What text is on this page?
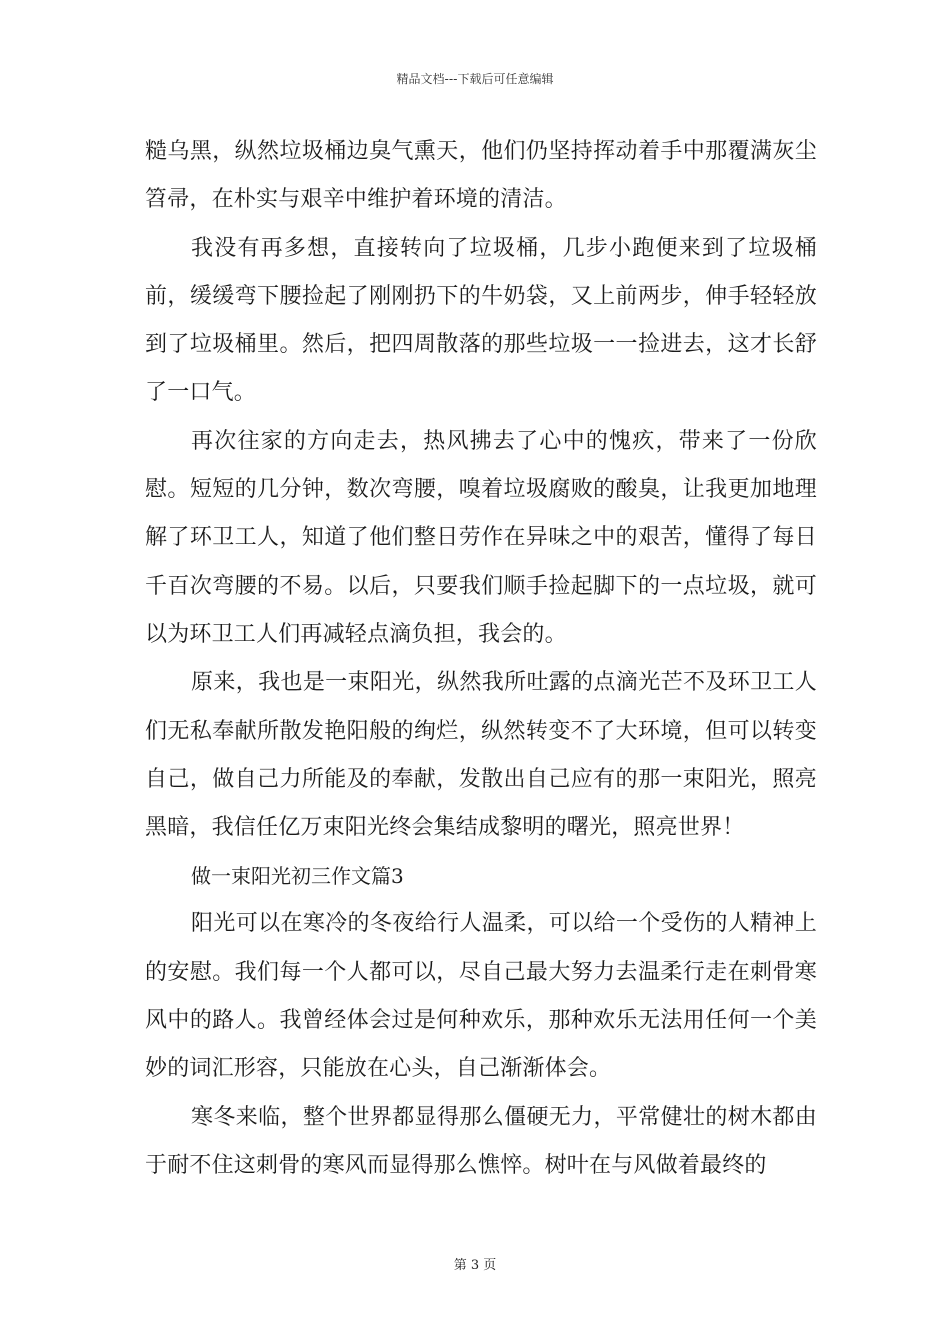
精品文档---下载后可任意编辑

糙乌黑，纵然垃圾桶边臭气熏天，他们仍坚持挥动着手中那覆满灰尘笤帚，在朴实与艰辛中维护着环境的清洁。

我没有再多想，直接转向了垃圾桶，几步小跑便来到了垃圾桶前，缓缓弯下腰捡起了刚刚扔下的牛奶袋，又上前两步，伸手轻轻放到了垃圾桶里。然后，把四周散落的那些垃圾一一捡进去，这才长舒了一口气。

再次往家的方向走去，热风拂去了心中的愧疚，带来了一份欣慰。短短的几分钟，数次弯腰，嗅着垃圾腐败的酸臭，让我更加地理解了环卫工人，知道了他们整日劳作在异味之中的艰苦，懂得了每日千百次弯腰的不易。以后，只要我们顺手捡起脚下的一点垃圾，就可以为环卫工人们再减轻点滴负担，我会的。

原来，我也是一束阳光，纵然我所吐露的点滴光芒不及环卫工人们无私奉献所散发艳阳般的绚烂，纵然转变不了大环境，但可以转变自己，做自己力所能及的奉献，发散出自己应有的那一束阳光，照亮黑暗，我信任亿万束阳光终会集结成黎明的曙光，照亮世界！

做一束阳光初三作文篇3

阳光可以在寒冷的冬夜给行人温柔，可以给一个受伤的人精神上的安慰。我们每一个人都可以，尽自己最大努力去温柔行走在刺骨寒风中的路人。我曾经体会过是何种欢乐，那种欢乐无法用任何一个美妙的词汇形容，只能放在心头，自己渐渐体会。

寒冬来临，整个世界都显得那么僵硬无力，平常健壮的树木都由于耐不住这刺骨的寒风而显得那么憔悴。树叶在与风做着最终的

第 3 页
